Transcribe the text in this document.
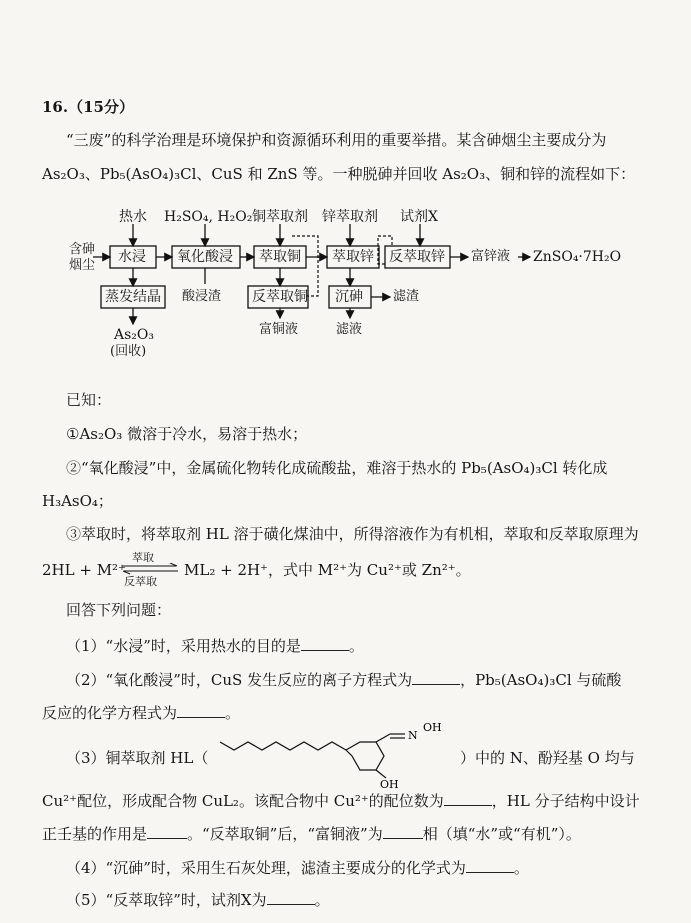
16.（15分）
“三废”的科学治理是环境保护和资源循环利用的重要举措。某含砷烟尘主要成分为
As₂O₃、Pb₅(AsO₄)₃Cl、CuS 和 ZnS 等。一种脱砷并回收 As₂O₃、铜和锌的流程如下：
含砷
烟尘
热水 H₂SO₄, H₂O₂ 铜萃取剂 锌萃取剂 试剂X
水浸 氧化酸浸 萃取铜 萃取锌 反萃取锌 富锌液 ZnSO₄·7H₂O
蒸发结晶 酸浸渣 反萃取铜 沉砷 滤渣
As₂O₃
(回收)
富铜液	滤液
已知：
①As₂O₃ 微溶于冷水，易溶于热水；
②“氧化酸浸”中，金属硫化物转化成硫酸盐，难溶于热水的 Pb₅(AsO₄)₃Cl 转化成
H₃AsO₄；
③萃取时，将萃取剂 HL 溶于磺化煤油中，所得溶液作为有机相，萃取和反萃取原理为
2HL + M²⁺
萃取
反萃取
ML₂ + 2H⁺，式中 M²⁺为 Cu²⁺或 Zn²⁺。
回答下列问题：
（1）“水浸”时，采用热水的目的是	。
（2）“氧化酸浸”时，CuS 发生反应的离子方程式为	，Pb₅(AsO₄)₃Cl 与硫酸
反应的化学方程式为	。
（3）铜萃取剂 HL（
N
OH
OH
）中的 N、酚羟基 O 均与
Cu²⁺配位，形成配合物 CuL₂。该配合物中 Cu²⁺的配位数为	，HL 分子结构中设计
正壬基的作用是	。“反萃取铜”后，“富铜液”为	相（填“水”或“有机”）。
（4）“沉砷”时，采用生石灰处理，滤渣主要成分的化学式为	。
（5）“反萃取锌”时，试剂X为	。
